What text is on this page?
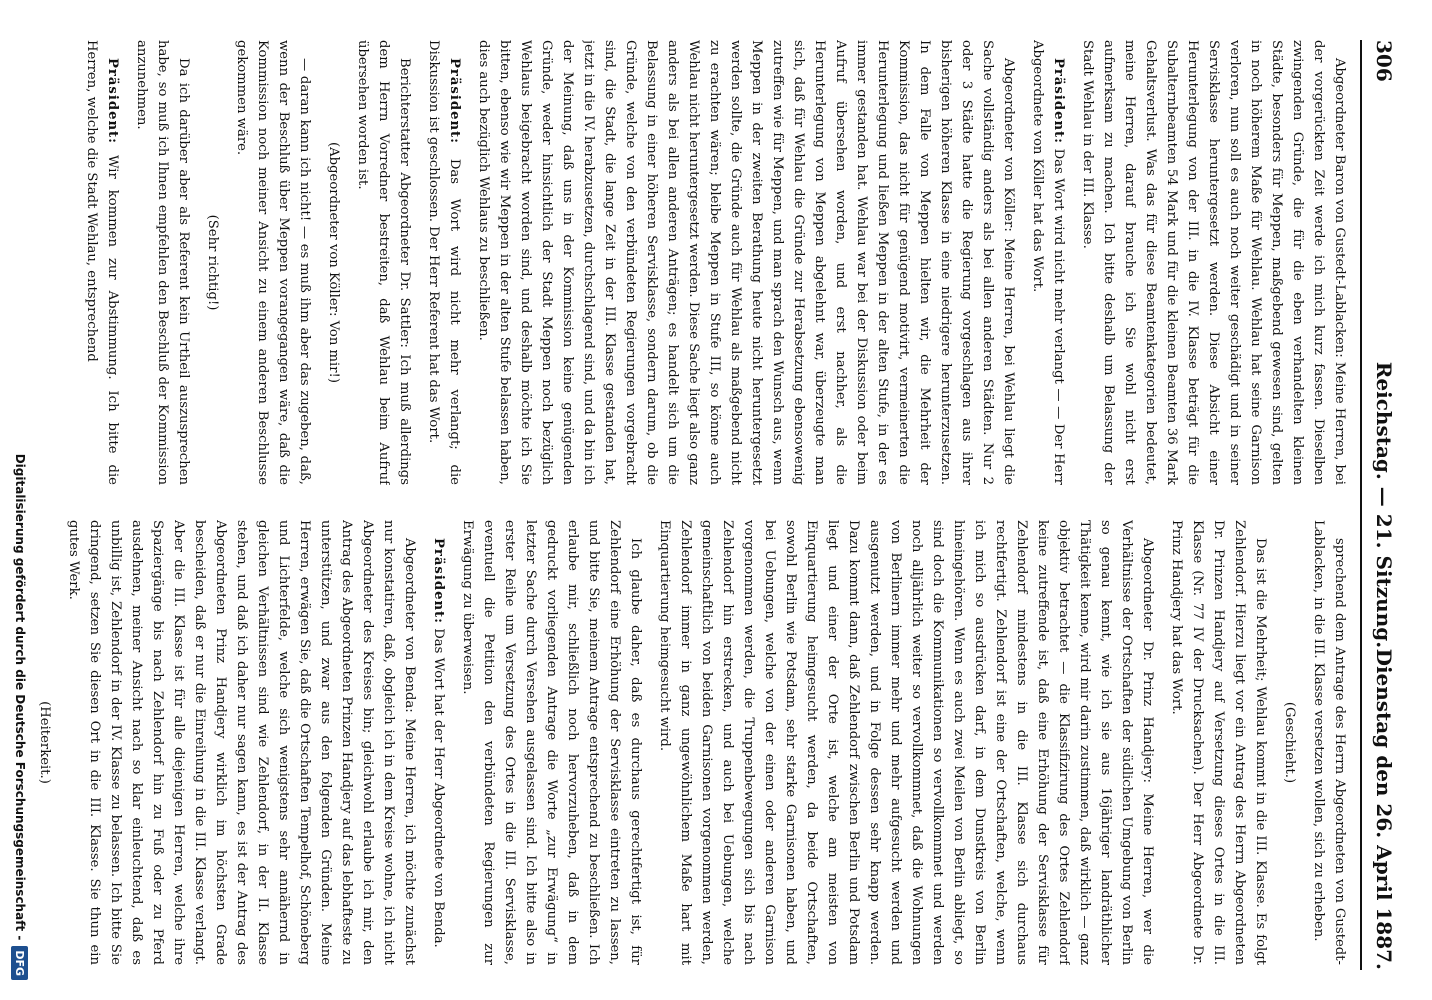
306
Reichstag. — 21. Sitzung.
Dienstag den 26. April 1887.

Abgeordneter Baron von Gustedt-Lablacken: Meine Herren, bei der vorgerückten Zeit werde ich mich kurz fassen. Dieselben zwingenden Gründe, die für die eben verhandelten kleinen Städte, besonders für Meppen, maßgebend gewesen sind, gelten in noch höherem Maße für Wehlau. Wehlau hat seine Garnison verloren, nun soll es auch noch weiter geschädigt und in seiner Servisklasse heruntergesetzt werden. Diese Absicht einer Herunterlegung von der III. in die IV. Klasse beträgt für die Subalternbeamten 54 Mark und für die kleinen Beamten 36 Mark Gehaltsverlust. Was das für diese Beamtenkategorien bedeutet, meine Herren, darauf brauche ich Sie wohl nicht erst aufmerksam zu machen. Ich bitte deshalb um Belassung der Stadt Wehlau in der III. Klasse.

Präsident: Das Wort wird nicht mehr verlangt — — Der Herr Abgeordnete von Köller hat das Wort.

Abgeordneter von Köller: Meine Herren, bei Wehlau liegt die Sache vollständig anders als bei allen anderen Städten. Nur 2 oder 3 Städte hatte die Regierung vorgeschlagen aus ihrer bisherigen höheren Klasse in eine niedrigere herunterzusetzen. In dem Falle von Meppen hielten wir, die Mehrheit der Kommission, das nicht für genügend motivirt, vermeinerten die Herunterlegung und ließen Meppen in der alten Stufe, in der es immer gestanden hat. Wehlau war bei der Diskussion oder beim Aufruf übersehen worden, und erst nachher, als die Herunterlegung von Meppen abgelehnt war, überzeugte man sich, daß für Wehlau die Gründe zur Herabsetzung ebensowenig zutreffen wie für Meppen, und man sprach den Wunsch aus, wenn Meppen in der zweiten Berathung heute nicht heruntergesetzt werden sollte, die Gründe auch für Wehlau als maßgebend nicht zu erachten wären; bleibe Meppen in Stufe III, so könne auch Wehlau nicht heruntergesetzt werden. Diese Sache liegt also ganz anders als bei allen anderen Anträgen; es handelt sich um die Belassung in einer höheren Servisklasse, sondern darum, ob die Gründe, welche von den verbündeten Regierungen vorgebracht sind, die Stadt, die lange Zeit in der III. Klasse gestanden hat, jetzt in die IV. herabzusetzen, durchschlagend sind, und da bin ich der Meinung, daß uns in der Kommission keine genügenden Gründe, weder hinsichtlich der Stadt Meppen noch bezüglich Wehlaus beigebracht worden sind, und deshalb möchte ich Sie bitten, ebenso wie wir Meppen in der alten Stufe belassen haben, dies auch bezüglich Wehlaus zu beschließen.

Präsident: Das Wort wird nicht mehr verlangt; die Diskussion ist geschlossen. Der Herr Referent hat das Wort.

Berichterstatter Abgeordneter Dr. Sattler: Ich muß allerdings dem Herrn Vorredner bestreiten, daß Wehlau beim Aufruf übersehen worden ist.

(Abgeordneter von Köller: Von mir!)

— daran kann ich nicht! — es muß ihm aber das zugeben, daß, wenn der Beschluß über Meppen vorangegangen wäre, daß die Kommission noch meiner Ansicht zu einem anderen Beschlusse gekommen wäre.

(Sehr richtig!)

Da ich darüber aber als Referent kein Urtheil auszusprechen habe, so muß ich Ihnen empfehlen den Beschluß der Kommission anzunehmen.

Präsident: Wir kommen zur Abstimmung. Ich bitte die Herren, welche die Stadt Wehlau, entsprechend

sprechend dem Antrage des Herrn Abgeordneten von Gustedt-Lablacken, in die III. Klasse versetzen wollen, sich zu erheben.

(Geschieht.)

Das ist die Mehrheit; Wehlau kommt in die III. Klasse. Es folgt Zehlendorf. Hierzu liegt vor ein Antrag des Herrn Abgeordneten Dr. Prinzen Handjery auf Versetzung dieses Ortes in die III. Klasse (Nr. 77 IV der Drucksachen). Der Herr Abgeordnete Dr. Prinz Handjery hat das Wort.

Abgeordneter Dr. Prinz Handjery: Meine Herren, wer die Verhältnisse der Ortschaften der südlichen Umgebung von Berlin so genau kennt, wie ich sie aus 16jähriger landräthlicher Thätigkeit kenne, wird mir darin zustimmen, daß wirklich — ganz objektiv betrachtet — die Klassifizirung des Ortes Zehlendorf keine zutreffende ist, daß eine Erhöhung der Servisklasse für Zehlendorf mindestens in die III. Klasse sich durchaus rechtfertigt. Zehlendorf ist eine der Ortschaften, welche, wenn ich mich so ausdrücken darf, in dem Dunstkreis von Berlin hineingehören. Wenn es auch zwei Meilen von Berlin abliegt, so sind doch die Kommunikationen so vervollkommnet und werden noch alljährlich weiter so vervollkommnet, daß die Wohnungen von Berlinern immer mehr und mehr aufgesucht werden und ausgenutzt werden, und in Folge dessen sehr knapp werden. Dazu kommt dann, daß Zehlendorf zwischen Berlin und Potsdam liegt und einer der Orte ist, welche am meisten von Einquartierung heimgesucht werden, da beide Ortschaften, sowohl Berlin wie Potsdam, sehr starke Garnisonen haben, und bei Uebungen, welche von der einen oder anderen Garnison vorgenommen werden, die Truppenbewegungen sich bis nach Zehlendorf hin erstrecken, und auch bei Uebungen, welche gemeinschaftlich von beiden Garnisonen vorgenommen werden, Zehlendorf immer in ganz ungewöhnlichem Maße hart mit Einquartierung heimgesucht wird.

Ich glaube daher, daß es durchaus gerechtfertigt ist, für Zehlendorf eine Erhöhung der Servisklasse eintreten zu lassen, und bitte Sie, meinem Antrage entsprechend zu beschließen. Ich erlaube mir, schließlich noch hervorzuheben, daß in dem gedruckt vorliegenden Antrage die Worte „zur Erwägung“ in letzter Sache durch Versehen ausgelassen sind. Ich bitte also in erster Reihe um Versetzung des Ortes in die III. Servisklasse, eventuell die Petition den verbündeten Regierungen zur Erwägung zu überweisen.

Präsident: Das Wort hat der Herr Abgeordnete von Benda.

Abgeordneter von Benda: Meine Herren, ich möchte zunächst nur konstatiren, daß, obgleich ich in dem Kreise wohne, ich nicht Abgeordneter des Kreises bin; gleichwohl erlaube ich mir, den Antrag des Abgeordneten Prinzen Handjery auf das lebhafteste zu unterstützen, und zwar aus den folgenden Gründen. Meine Herren, erwägen Sie, daß die Ortschaften Tempelhof, Schöneberg und Lichterfelde, welche sich wenigstens sehr annähernd in gleichen Verhältnissen sind wie Zehlendorf, in der II. Klasse stehen, und daß ich daher nur sagen kann, es ist der Antrag des Abgeordneten Prinz Handjery wirklich im höchsten Grade bescheiden, daß er nur die Einreihung in die III. Klasse verlangt. Aber die III. Klasse ist für alle diejenigen Herren, welche ihre Spaziergänge bis nach Zehlendorf hin zu Fuß oder zu Pferd ausdehnen, meiner Ansicht nach so klar einleuchtend, daß es unbillig ist, Zehlendorf in der IV. Klasse zu belassen. Ich bitte Sie dringend, setzen Sie diesen Ort in die III. Klasse. Sie thun ein gutes Werk.

(Heiterkeit.)

Digitalisierung gefördert durch die Deutsche Forschungsgemeinschaft -
DFG
